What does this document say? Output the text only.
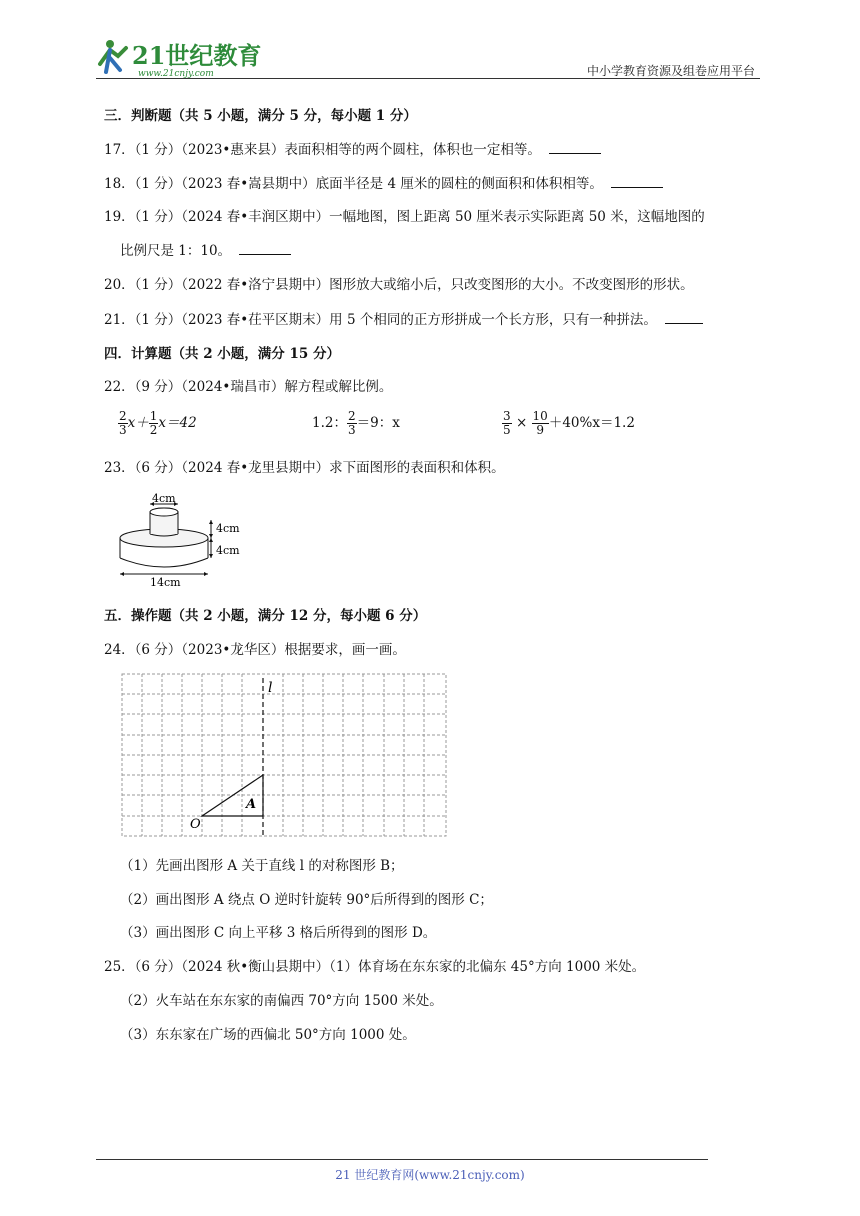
21世纪教育
www.21cnjy.com	中小学教育资源及组卷应用平台
三．判断题（共 5 小题，满分 5 分，每小题 1 分）
17．（1 分）（2023•惠来县）表面积相等的两个圆柱，体积也一定相等。
18．（1 分）（2023 春•嵩县期中）底面半径是 4 厘米的圆柱的侧面积和体积相等。
19．（1 分）（2024 春•丰润区期中）一幅地图，图上距离 50 厘米表示实际距离 50 米，这幅地图的
比例尺是 1：10。
20．（1 分）（2022 春•洛宁县期中）图形放大或缩小后，只改变图形的大小。不改变图形的形状。
21．（1 分）（2023 春•茌平区期末）用 5 个相同的正方形拼成一个长方形，只有一种拼法。
四．计算题（共 2 小题，满分 15 分）
22．（9 分）（2024•瑞昌市）解方程或解比例。
$\frac{2}{3} x+ \frac{1}{2} x=42$	1.2： $\frac{2}{3} =9$：x	$\frac{3}{5} \times \frac{10}{9} +40\%x=1.2$
23．（6 分）（2024 春•龙里县期中）求下面图形的表面积和体积。
4cm
4cm
4cm
14cm
五．操作题（共 2 小题，满分 12 分，每小题 6 分）
24．（6 分）（2023•龙华区）根据要求，画一画。
l
A
O
（1）先画出图形 A 关于直线 l 的对称图形 B；
（2）画出图形 A 绕点 O 逆时针旋转 90°后所得到的图形 C；
（3）画出图形 C 向上平移 3 格后所得到的图形 D。
25．（6 分）（2024 秋•衡山县期中）（1）体育场在东东家的北偏东 45°方向 1000 米处。
（2）火车站在东东家的南偏西 70°方向 1500 米处。
（3）东东家在广场的西偏北 50°方向 1000 处。
21 世纪教育网(www.21cnjy.com)
